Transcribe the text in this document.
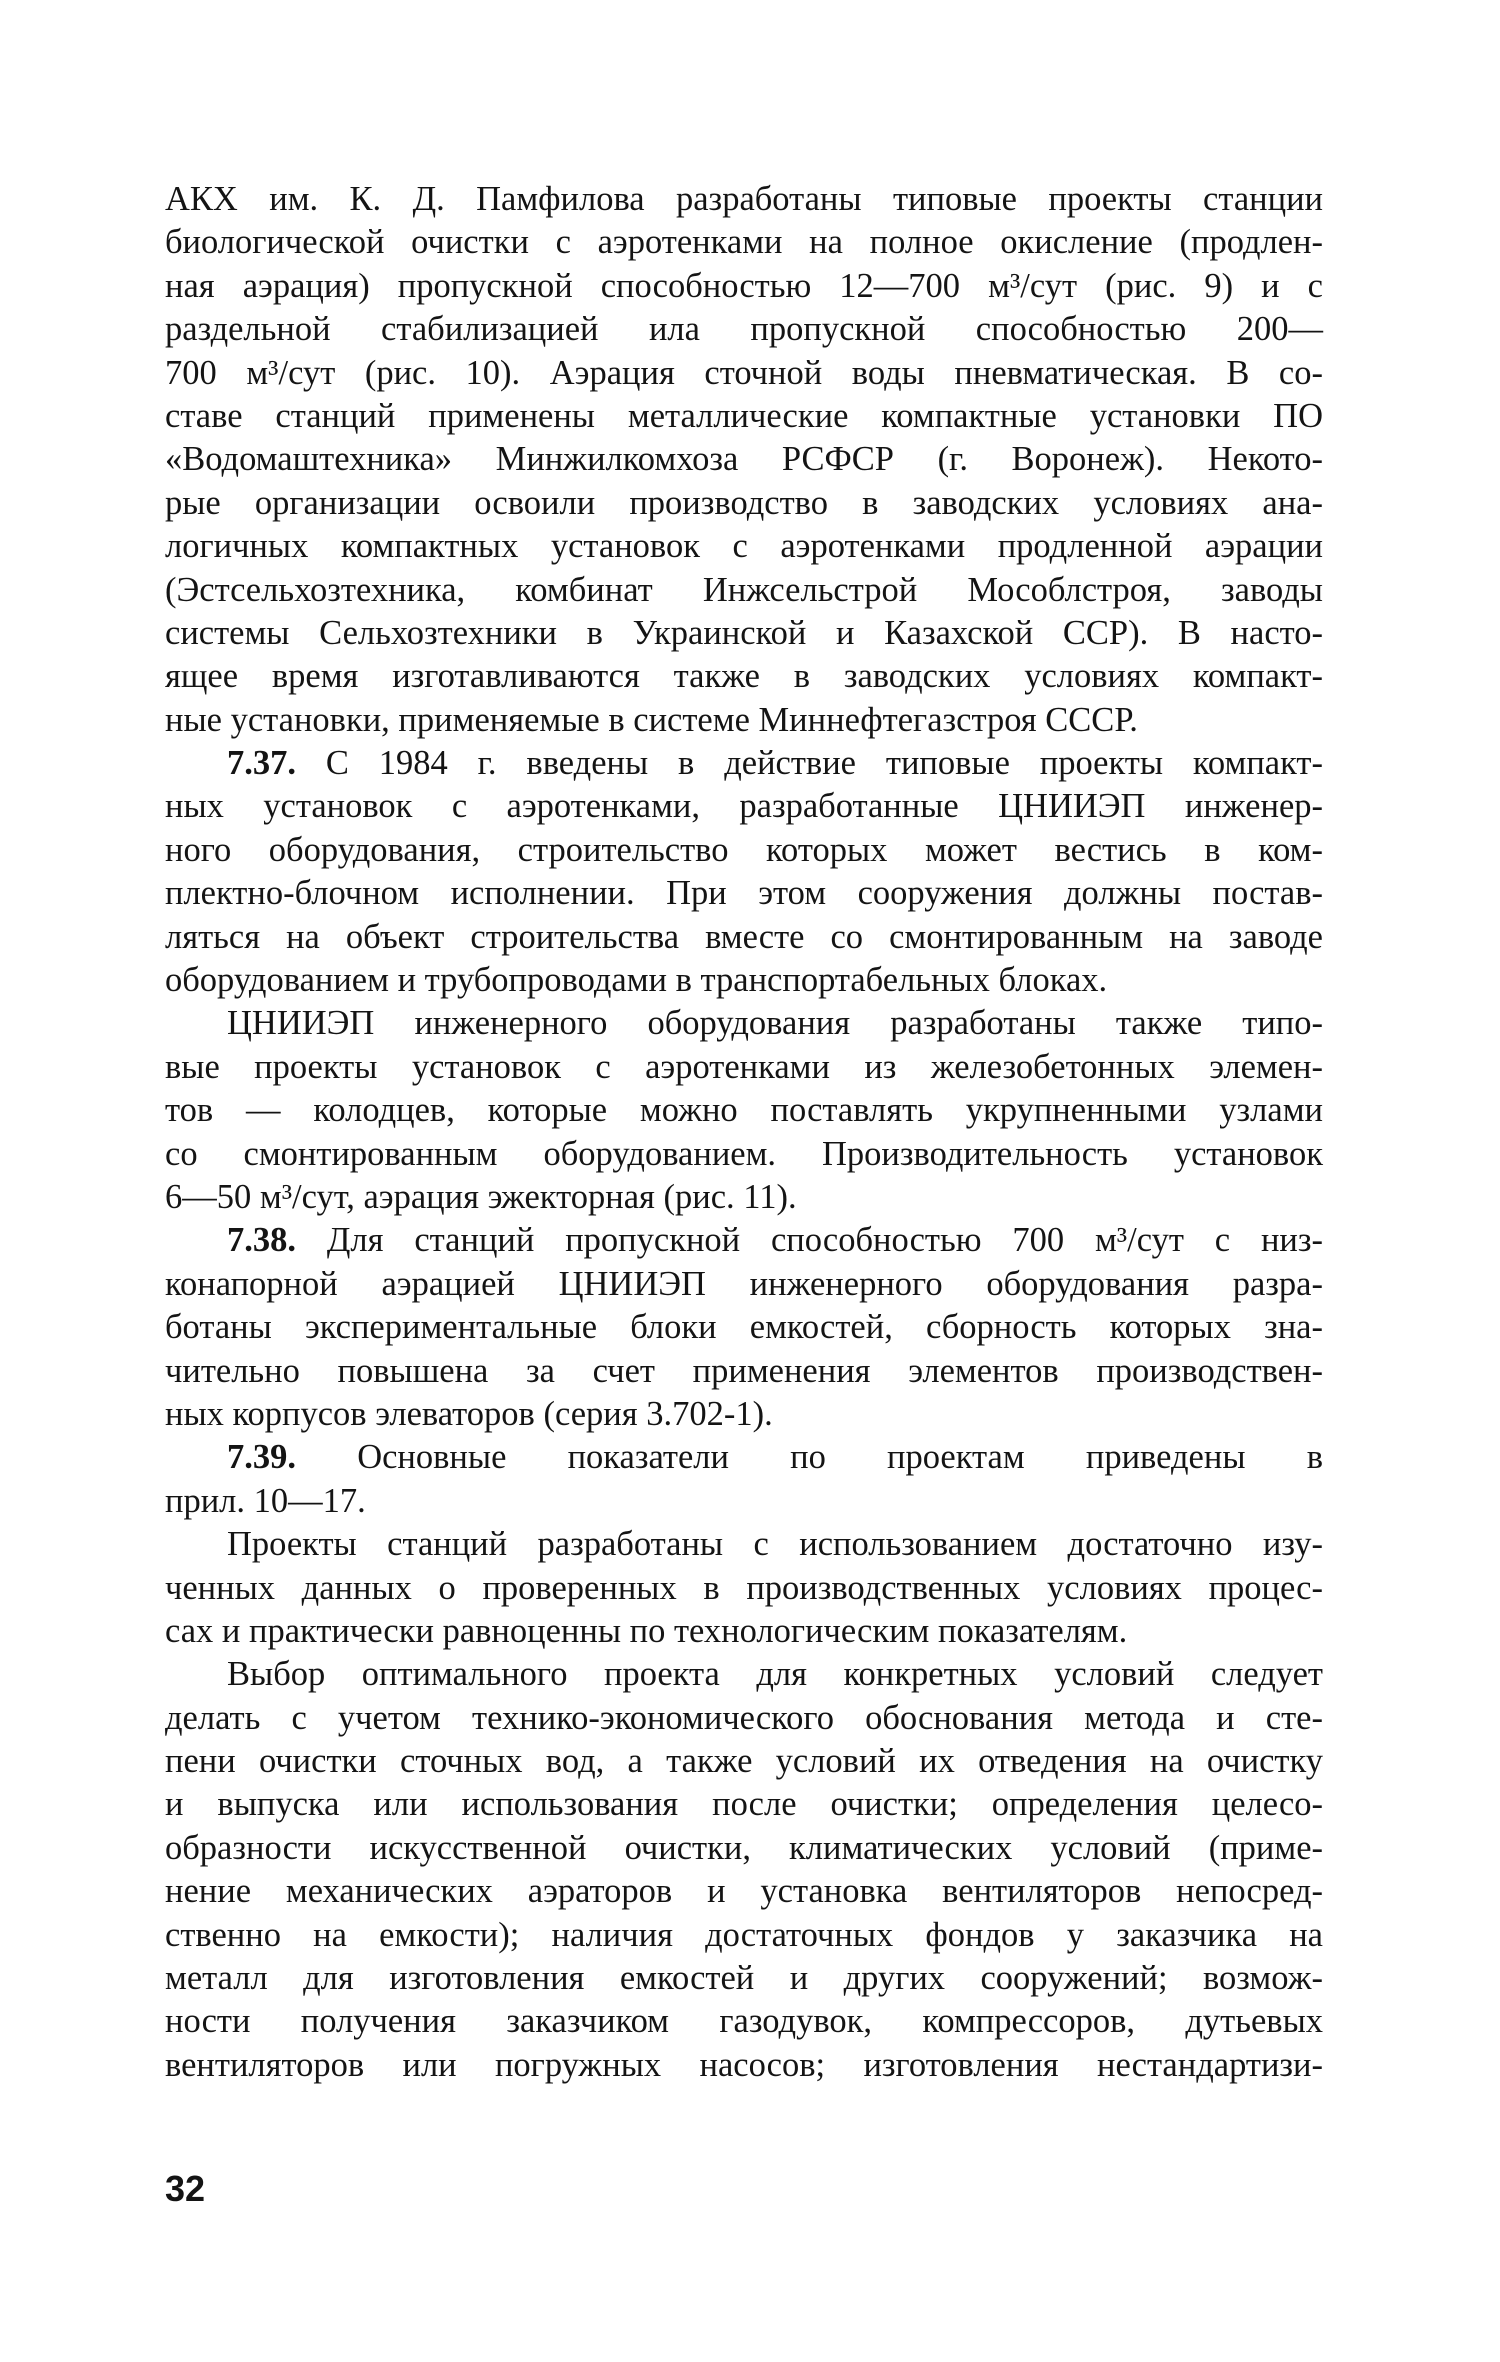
АКХ им. К. Д. Памфилова разработаны типовые проекты станции
биологической очистки с аэротенками на полное окисление (продлен-
ная аэрация) пропускной способностью 12—700 м³/сут (рис. 9) и с
раздельной стабилизацией ила пропускной способностью 200—
700 м³/сут (рис. 10). Аэрация сточной воды пневматическая. В со-
ставе станций применены металлические компактные установки ПО
«Водомаштехника» Минжилкомхоза РСФСР (г. Воронеж). Некото-
рые организации освоили производство в заводских условиях ана-
логичных компактных установок с аэротенками продленной аэрации
(Эстсельхозтехника, комбинат Инжсельстрой Мособлстроя, заводы
системы Сельхозтехники в Украинской и Казахской ССР). В насто-
ящее время изготавливаются также в заводских условиях компакт-
ные установки, применяемые в системе Миннефтегазстроя СССР.
7.37. С 1984 г. введены в действие типовые проекты компакт-
ных установок с аэротенками, разработанные ЦНИИЭП инженер-
ного оборудования, строительство которых может вестись в ком-
плектно-блочном исполнении. При этом сооружения должны постав-
ляться на объект строительства вместе со смонтированным на заводе
оборудованием и трубопроводами в транспортабельных блоках.
ЦНИИЭП инженерного оборудования разработаны также типо-
вые проекты установок с аэротенками из железобетонных элемен-
тов — колодцев, которые можно поставлять укрупненными узлами
со смонтированным оборудованием. Производительность установок
6—50 м³/сут, аэрация эжекторная (рис. 11).
7.38. Для станций пропускной способностью 700 м³/сут с низ-
конапорной аэрацией ЦНИИЭП инженерного оборудования разра-
ботаны экспериментальные блоки емкостей, сборность которых зна-
чительно повышена за счет применения элементов производствен-
ных корпусов элеваторов (серия 3.702-1).
7.39. Основные показатели по проектам приведены в
прил. 10—17.
Проекты станций разработаны с использованием достаточно изу-
ченных данных о проверенных в производственных условиях процес-
сах и практически равноценны по технологическим показателям.
Выбор оптимального проекта для конкретных условий следует
делать с учетом технико-экономического обоснования метода и сте-
пени очистки сточных вод, а также условий их отведения на очистку
и выпуска или использования после очистки; определения целесо-
образности искусственной очистки, климатических условий (приме-
нение механических аэраторов и установка вентиляторов непосред-
ственно на емкости); наличия достаточных фондов у заказчика на
металл для изготовления емкостей и других сооружений; возмож-
ности получения заказчиком газодувок, компрессоров, дутьевых
вентиляторов или погружных насосов; изготовления нестандартизи-
32
